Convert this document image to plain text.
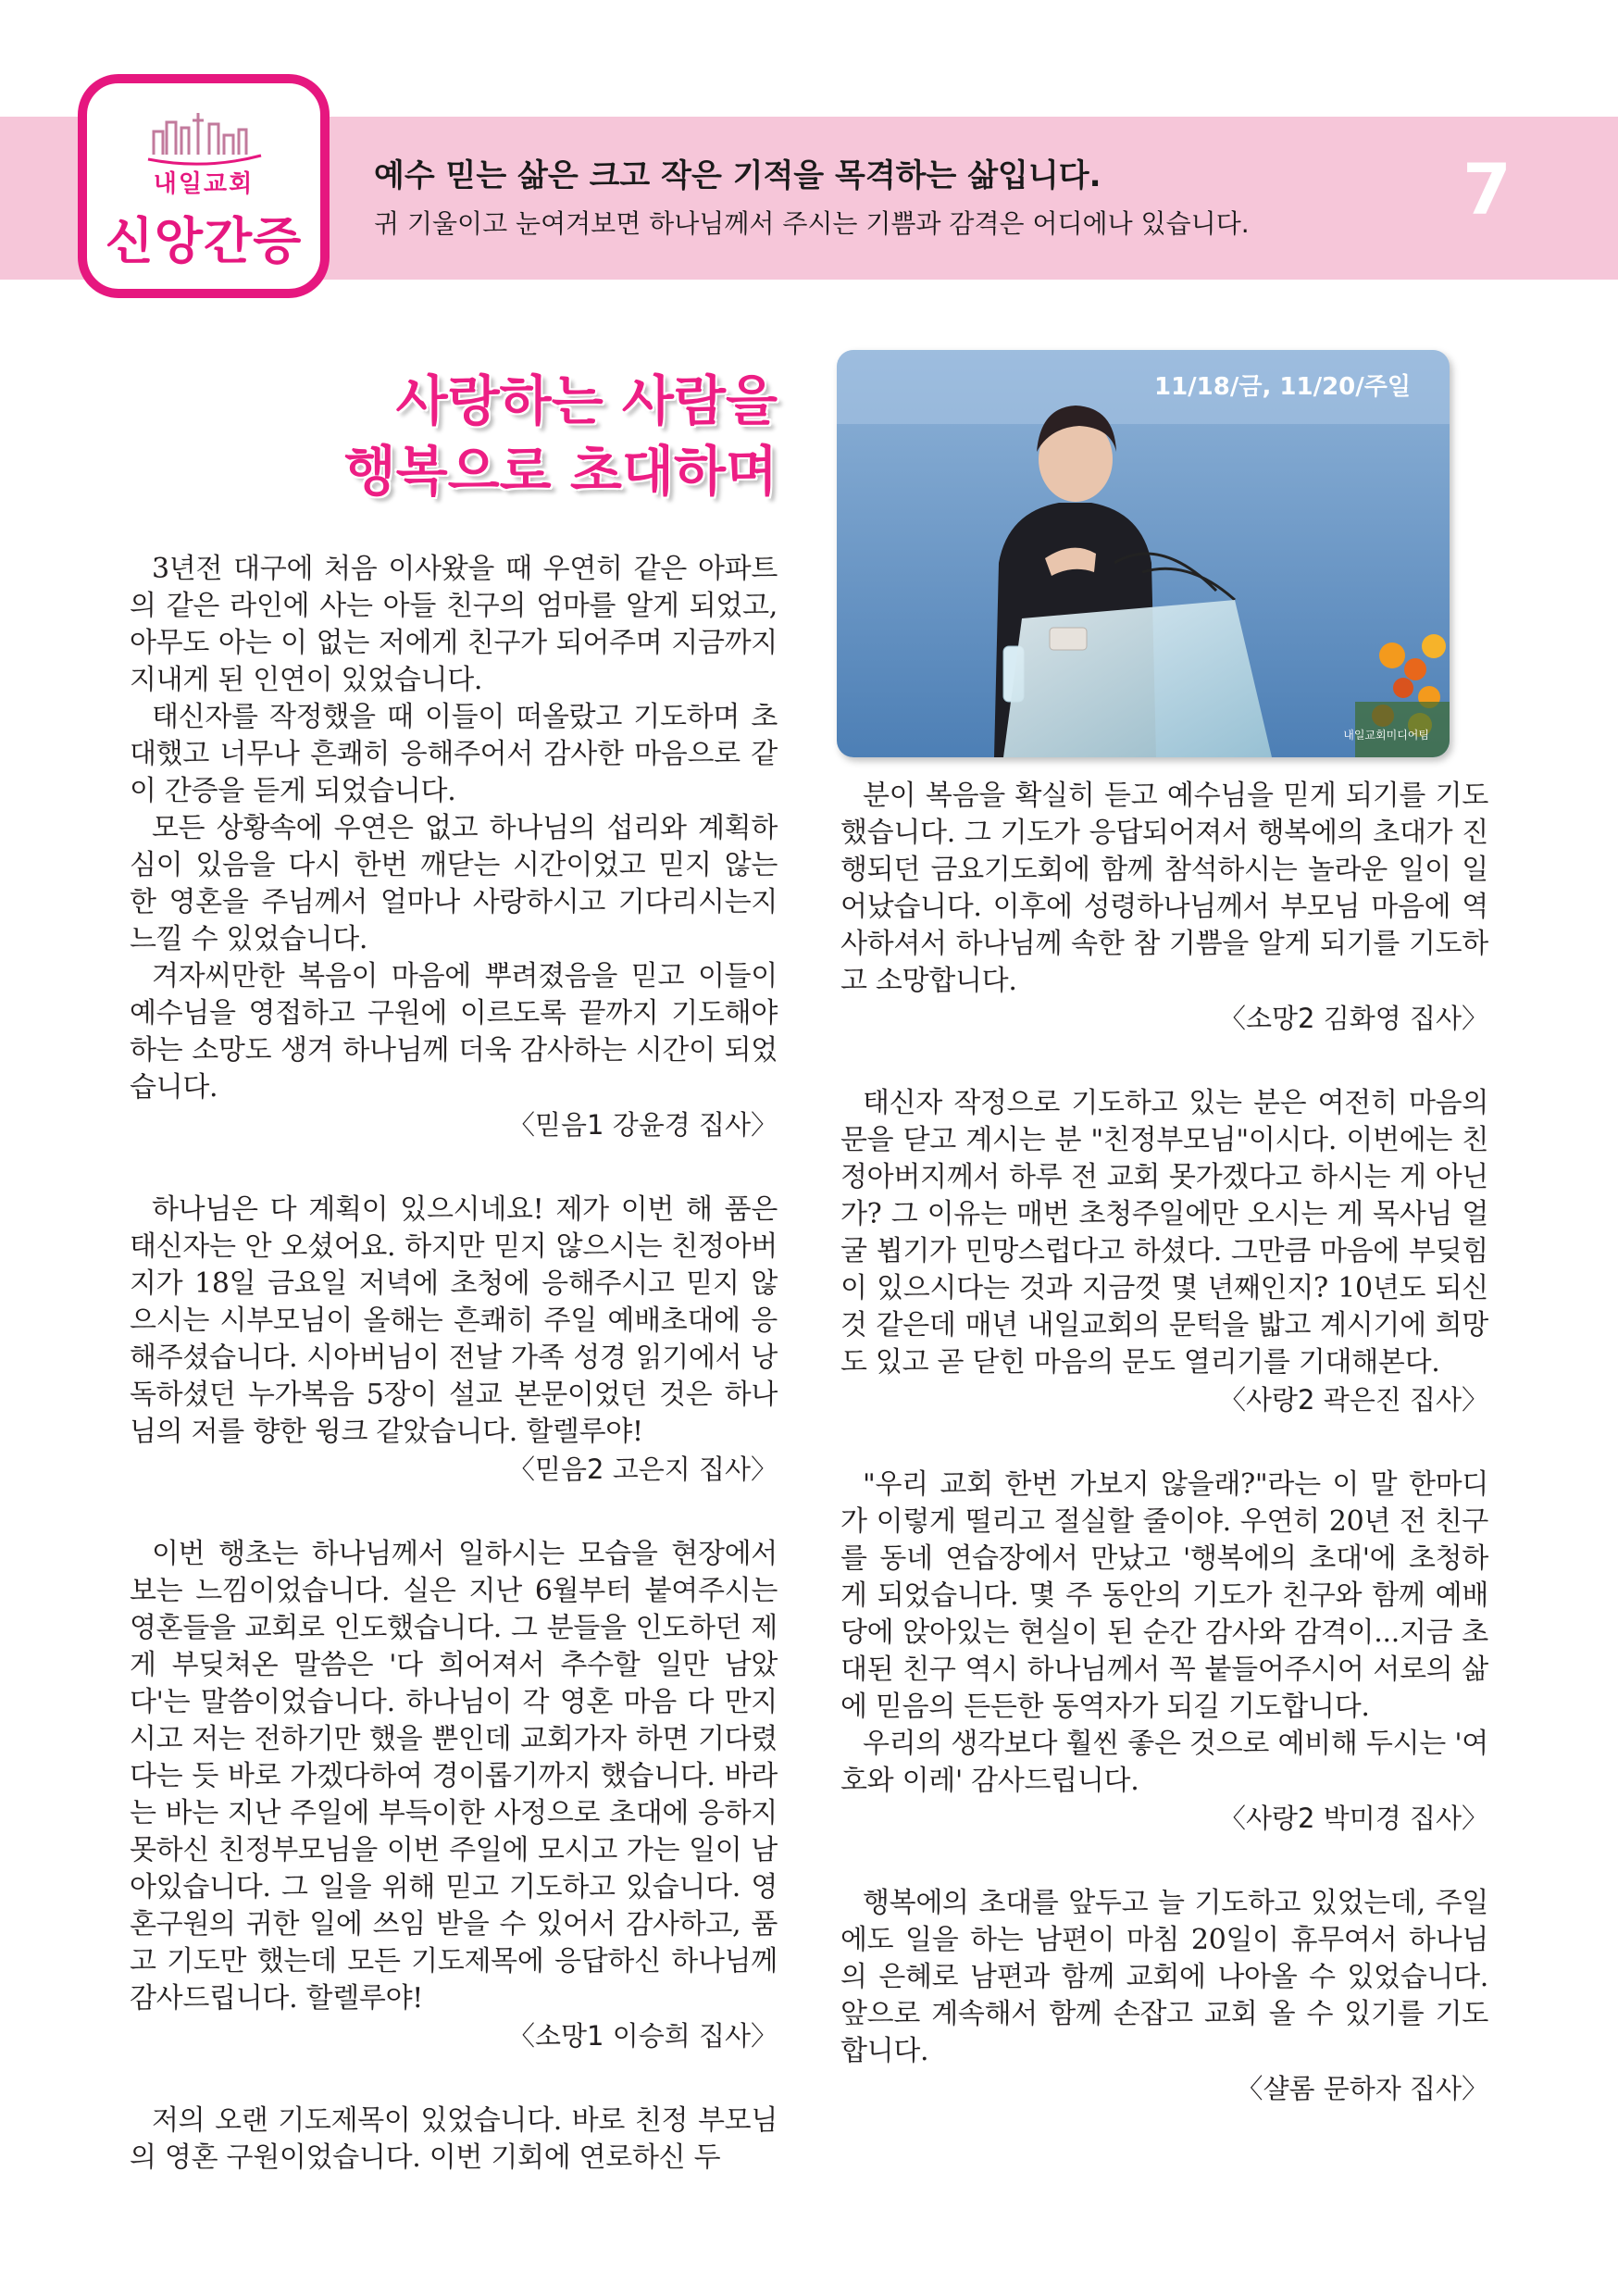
내일교회
신앙간증
예수 믿는 삶은 크고 작은 기적을 목격하는 삶입니다.
귀 기울이고 눈여겨보면 하나님께서 주시는 기쁨과 감격은 어디에나 있습니다.	7
사랑하는 사람을
행복으로 초대하며
11/18/금, 11/20/주일
내일교회미디어팀

3년전 대구에 처음 이사왔을 때 우연히 같은 아파트의 같은 라인에 사는 아들 친구의 엄마를 알게 되었고, 아무도 아는 이 없는 저에게 친구가 되어주며 지금까지 지내게 된 인연이 있었습니다.

태신자를 작정했을 때 이들이 떠올랐고 기도하며 초대했고 너무나 흔쾌히 응해주어서 감사한 마음으로 같이 간증을 듣게 되었습니다.

모든 상황속에 우연은 없고 하나님의 섭리와 계획하심이 있음을 다시 한번 깨닫는 시간이었고 믿지 않는 한 영혼을 주님께서 얼마나 사랑하시고 기다리시는지 느낄 수 있었습니다.

겨자씨만한 복음이 마음에 뿌려졌음을 믿고 이들이 예수님을 영접하고 구원에 이르도록 끝까지 기도해야 하는 소망도 생겨 하나님께 더욱 감사하는 시간이 되었습니다.

〈믿음1 강윤경 집사〉

하나님은 다 계획이 있으시네요! 제가 이번 해 품은 태신자는 안 오셨어요. 하지만 믿지 않으시는 친정아버지가 18일 금요일 저녁에 초청에 응해주시고 믿지 않으시는 시부모님이 올해는 흔쾌히 주일 예배초대에 응해주셨습니다. 시아버님이 전날 가족 성경 읽기에서 낭독하셨던 누가복음 5장이 설교 본문이었던 것은 하나님의 저를 향한 윙크 같았습니다. 할렐루야!

〈믿음2 고은지 집사〉

이번 행초는 하나님께서 일하시는 모습을 현장에서 보는 느낌이었습니다. 실은 지난 6월부터 붙여주시는 영혼들을 교회로 인도했습니다. 그 분들을 인도하던 제게 부딪쳐온 말씀은 '다 희어져서 추수할 일만 남았다'는 말씀이었습니다. 하나님이 각 영혼 마음 다 만지시고 저는 전하기만 했을 뿐인데 교회가자 하면 기다렸다는 듯 바로 가겠다하여 경이롭기까지 했습니다. 바라는 바는 지난 주일에 부득이한 사정으로 초대에 응하지 못하신 친정부모님을 이번 주일에 모시고 가는 일이 남아있습니다. 그 일을 위해 믿고 기도하고 있습니다. 영혼구원의 귀한 일에 쓰임 받을 수 있어서 감사하고, 품고 기도만 했는데 모든 기도제목에 응답하신 하나님께 감사드립니다. 할렐루야!

〈소망1 이승희 집사〉

저의 오랜 기도제목이 있었습니다. 바로 친정 부모님의 영혼 구원이었습니다. 이번 기회에 연로하신 두

분이 복음을 확실히 듣고 예수님을 믿게 되기를 기도했습니다. 그 기도가 응답되어져서 행복에의 초대가 진행되던 금요기도회에 함께 참석하시는 놀라운 일이 일어났습니다. 이후에 성령하나님께서 부모님 마음에 역사하셔서 하나님께 속한 참 기쁨을 알게 되기를 기도하고 소망합니다.

〈소망2 김화영 집사〉

태신자 작정으로 기도하고 있는 분은 여전히 마음의 문을 닫고 계시는 분 "친정부모님"이시다. 이번에는 친정아버지께서 하루 전 교회 못가겠다고 하시는 게 아닌가? 그 이유는 매번 초청주일에만 오시는 게 목사님 얼굴 뵙기가 민망스럽다고 하셨다. 그만큼 마음에 부딪힘이 있으시다는 것과 지금껏 몇 년째인지? 10년도 되신 것 같은데 매년 내일교회의 문턱을 밟고 계시기에 희망도 있고 곧 닫힌 마음의 문도 열리기를 기대해본다.

〈사랑2 곽은진 집사〉

"우리 교회 한번 가보지 않을래?"라는 이 말 한마디가 이렇게 떨리고 절실할 줄이야. 우연히 20년 전 친구를 동네 연습장에서 만났고 '행복에의 초대'에 초청하게 되었습니다. 몇 주 동안의 기도가 친구와 함께 예배당에 앉아있는 현실이 된 순간 감사와 감격이...지금 초대된 친구 역시 하나님께서 꼭 붙들어주시어 서로의 삶에 믿음의 든든한 동역자가 되길 기도합니다.

우리의 생각보다 훨씬 좋은 것으로 예비해 두시는 '여호와 이레' 감사드립니다.

〈사랑2 박미경 집사〉

행복에의 초대를 앞두고 늘 기도하고 있었는데, 주일에도 일을 하는 남편이 마침 20일이 휴무여서 하나님의 은혜로 남편과 함께 교회에 나아올 수 있었습니다. 앞으로 계속해서 함께 손잡고 교회 올 수 있기를 기도합니다.

〈샬롬 문하자 집사〉
